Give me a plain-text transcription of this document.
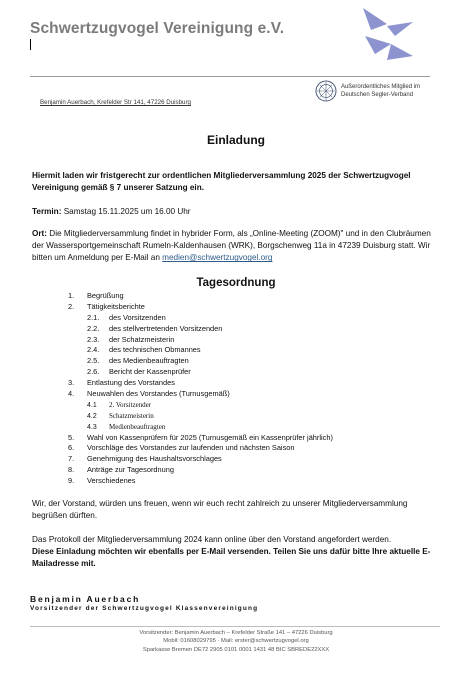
Schwertzugvogel Vereinigung e.V.
Außerordentliches Mitglied im
Deutschen Segler-Verband
Benjamin Auerbach, Krefelder Str 141, 47226 Duisburg
Einladung
Hiermit laden wir fristgerecht zur ordentlichen Mitgliederversammlung 2025 der Schwertzugvogel Vereinigung gemäß § 7 unserer Satzung ein.
Termin: Samstag 15.11.2025 um 16.00 Uhr
Ort: Die Mitgliederversammlung findet in hybrider Form, als „Online-Meeting (ZOOM)" und in den Clubräumen der Wassersportgemeinschaft Rumeln-Kaldenhausen (WRK), Borgschenweg 11a in 47239 Duisburg statt. Wir bitten um Anmeldung per E-Mail an medien@schwertzugvogel.org
Tagesordnung
1. Begrüßung
2. Tätigkeitsberichte
2.1. des Vorsitzenden
2.2. des stellvertretenden Vorsitzenden
2.3. der Schatzmeisterin
2.4. des technischen Obmannes
2.5. des Medienbeauftragten
2.6. Bericht der Kassenprüfer
3. Entlastung des Vorstandes
4. Neuwahlen des Vorstandes (Turnusgemäß)
4.1 2. Vorsitzender
4.2 Schatzmeisterin
4.3 Medienbeauftragten
5. Wahl von Kassenprüfern für 2025 (Turnusgemäß ein Kassenprüfer jährlich)
6. Vorschläge des Vorstandes zur laufenden und nächsten Saison
7. Genehmigung des Haushaltsvorschlages
8. Anträge zur Tagesordnung
9. Verschiedenes
Wir, der Vorstand, würden uns freuen, wenn wir euch recht zahlreich zu unserer Mitgliederversammlung begrüßen dürften.
Das Protokoll der Mitgliederversammlung 2024 kann online über den Vorstand angefordert werden.
Diese Einladung möchten wir ebenfalls per E-Mail versenden. Teilen Sie uns dafür bitte Ihre aktuelle E-Mailadresse mit.
Benjamin Auerbach
Vorsitzender der Schwertzugvogel Klassenvereinigung
Vorsitzender: Benjamin Auerbach – Krefelder Straße 141 – 47226 Duisburg
Mobil: 01608029795 · Mail: erster@schwertzugvogel.org
Sparkasse Bremen DE72 2905 0101 0001 1431 48 BIC SBREDE22XXX
